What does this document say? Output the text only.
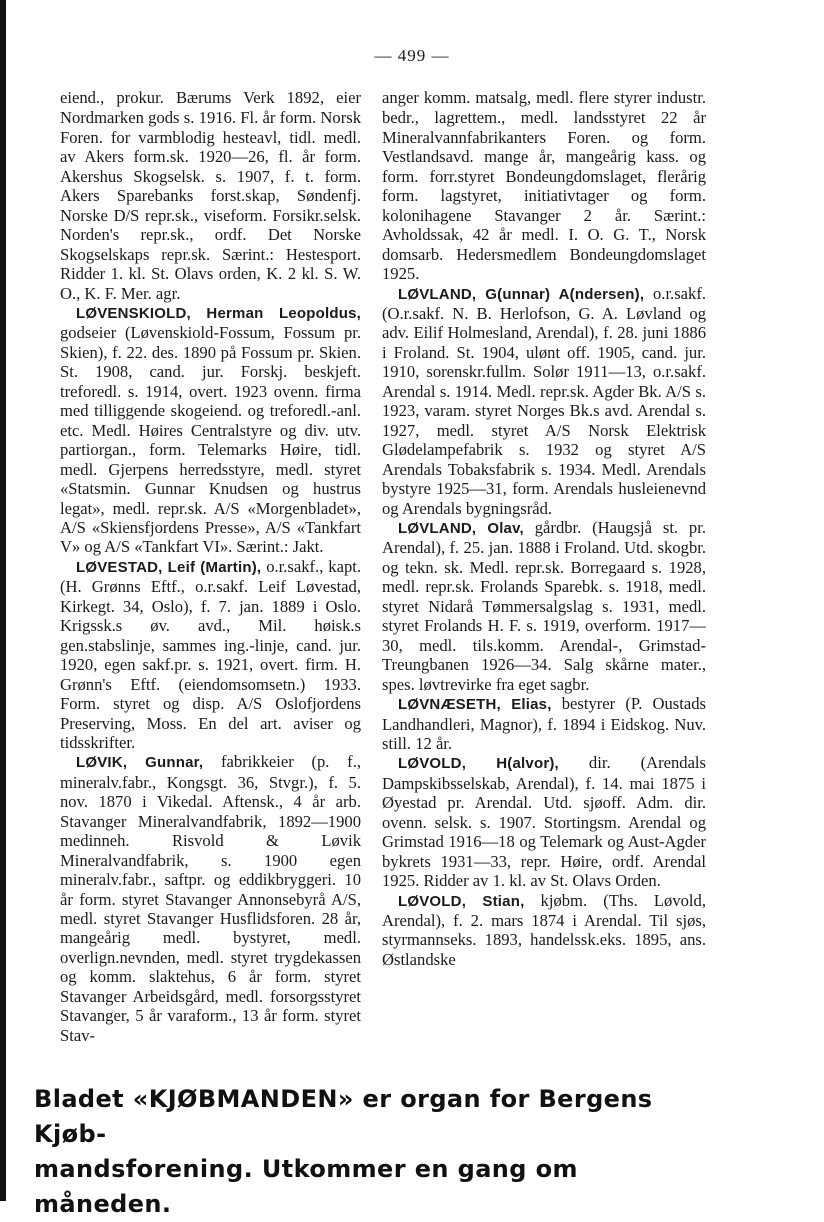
— 499 —

eiend., prokur. Bærums Verk 1892, eier Nordmarken gods s. 1916. Fl. år form. Norsk Foren. for varmblodig hesteavl, tidl. medl. av Akers form.sk. 1920—26, fl. år form. Akershus Skogselsk. s. 1907, f. t. form. Akers Sparebanks forst.skap, Søndenfj. Norske D/S repr.sk., viseform. Forsikr.selsk. Norden's repr.sk., ordf. Det Norske Skogselskaps repr.sk. Særint.: Hestesport. Ridder 1. kl. St. Olavs orden, K. 2 kl. S. W. O., K. F. Mer. agr.

LØVENSKIOLD, Herman Leopoldus, godseier (Løvenskiold-Fossum, Fossum pr. Skien), f. 22. des. 1890 på Fossum pr. Skien. St. 1908, cand. jur. Forskj. beskjeft. treforedl. s. 1914, overt. 1923 ovenn. firma med tilliggende skogeiend. og treforedl.-anl. etc. Medl. Høires Centralstyre og div. utv. partiorgan., form. Telemarks Høire, tidl. medl. Gjerpens herredsstyre, medl. styret «Statsmin. Gunnar Knudsen og hustrus legat», medl. repr.sk. A/S «Morgenbladet», A/S «Skiensfjordens Presse», A/S «Tankfart V» og A/S «Tankfart VI». Særint.: Jakt.

LØVESTAD, Leif (Martin), o.r.sakf., kapt. (H. Grønns Eftf., o.r.sakf. Leif Løvestad, Kirkegt. 34, Oslo), f. 7. jan. 1889 i Oslo. Krigssk.s øv. avd., Mil. høisk.s gen.stabslinje, sammes ing.-linje, cand. jur. 1920, egen sakf.pr. s. 1921, overt. firm. H. Grønn's Eftf. (eiendomsomsetn.) 1933. Form. styret og disp. A/S Oslofjordens Preserving, Moss. En del art. aviser og tidsskrifter.

LØVIK, Gunnar, fabrikkeier (p. f., mineralv.fabr., Kongsgt. 36, Stvgr.), f. 5. nov. 1870 i Vikedal. Aftensk., 4 år arb. Stavanger Mineralvandfabrik, 1892—1900 medinneh. Risvold & Løvik Mineralvandfabrik, s. 1900 egen mineralv.fabr., saftpr. og eddikbryggeri. 10 år form. styret Stavanger Annonsebyrå A/S, medl. styret Stavanger Husflidsforen. 28 år, mangeårig medl. bystyret, medl. overlign.nevnden, medl. styret trygdekassen og komm. slaktehus, 6 år form. styret Stavanger Arbeidsgård, medl. forsorgsstyret Stavanger, 5 år varaform., 13 år form. styret Stav-

anger komm. matsalg, medl. flere styrer industr. bedr., lagrettem., medl. landsstyret 22 år Mineralvannfabrikanters Foren. og form. Vestlandsavd. mange år, mangeårig kass. og form. forr.styret Bondeungdomslaget, flerårig form. lagstyret, initiativtager og form. kolonihagene Stavanger 2 år. Særint.: Avholdssak, 42 år medl. I. O. G. T., Norsk domsarb. Hedersmedlem Bondeungdomslaget 1925.

LØVLAND, G(unnar) A(ndersen), o.r.sakf. (O.r.sakf. N. B. Herlofson, G. A. Løvland og adv. Eilif Holmesland, Arendal), f. 28. juni 1886 i Froland. St. 1904, ulønt off. 1905, cand. jur. 1910, sorenskr.fullm. Solør 1911—13, o.r.sakf. Arendal s. 1914. Medl. repr.sk. Agder Bk. A/S s. 1923, varam. styret Norges Bk.s avd. Arendal s. 1927, medl. styret A/S Norsk Elektrisk Glødelampefabrik s. 1932 og styret A/S Arendals Tobaksfabrik s. 1934. Medl. Arendals bystyre 1925—31, form. Arendals husleienevnd og Arendals bygningsråd.

LØVLAND, Olav, gårdbr. (Haugsjå st. pr. Arendal), f. 25. jan. 1888 i Froland. Utd. skogbr. og tekn. sk. Medl. repr.sk. Borregaard s. 1928, medl. repr.sk. Frolands Sparebk. s. 1918, medl. styret Nidarå Tømmersalgslag s. 1931, medl. styret Frolands H. F. s. 1919, overform. 1917—30, medl. tils.komm. Arendal-, Grimstad-Treungbanen 1926—34. Salg skårne mater., spes. løvtrevirke fra eget sagbr.

LØVNÆSETH, Elias, bestyrer (P. Oustads Landhandleri, Magnor), f. 1894 i Eidskog. Nuv. still. 12 år.

LØVOLD, H(alvor), dir. (Arendals Dampskibsselskab, Arendal), f. 14. mai 1875 i Øyestad pr. Arendal. Utd. sjøoff. Adm. dir. ovenn. selsk. s. 1907. Stortingsm. Arendal og Grimstad 1916—18 og Telemark og Aust-Agder bykrets 1931—33, repr. Høire, ordf. Arendal 1925. Ridder av 1. kl. av St. Olavs Orden.

LØVOLD, Stian, kjøbm. (Ths. Løvold, Arendal), f. 2. mars 1874 i Arendal. Til sjøs, styrmannseks. 1893, handelssk.eks. 1895, ans. Østlandske

Bladet «KJØBMANDEN» er organ for Bergens Kjøb-
mandsforening. Utkommer en gang om måneden.
